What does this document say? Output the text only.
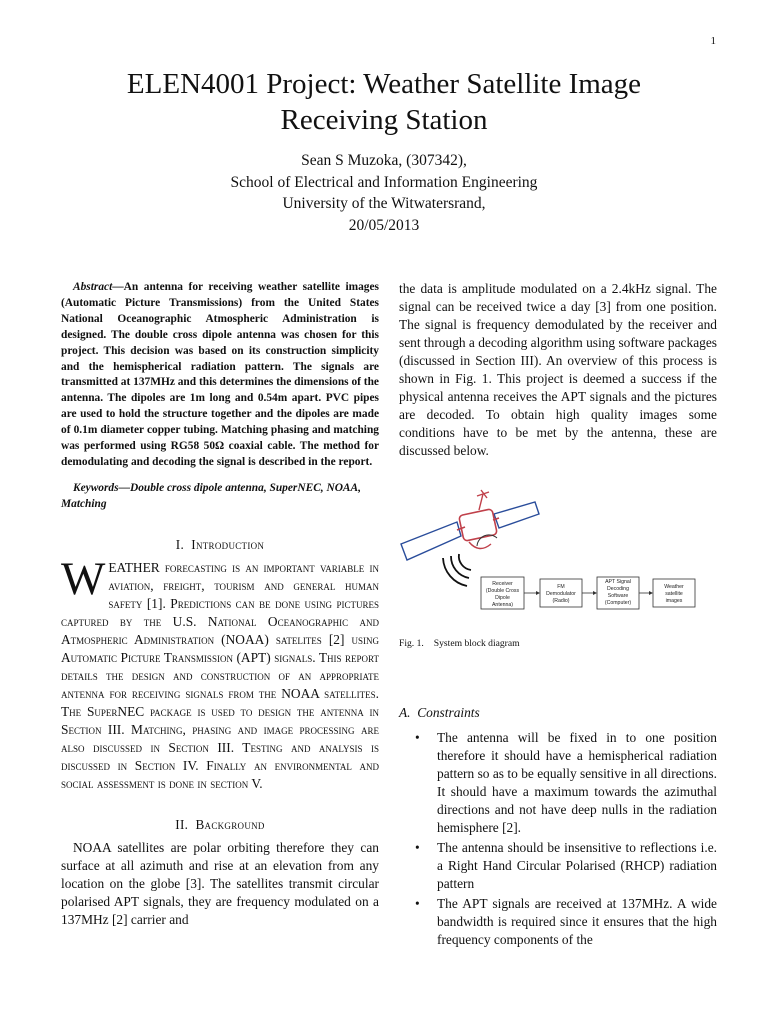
1
ELEN4001 Project: Weather Satellite Image
Receiving Station
Sean S Muzoka, (307342),
School of Electrical and Information Engineering
University of the Witwatersrand,
20/05/2013

Abstract—An antenna for receiving weather satellite images (Automatic Picture Transmissions) from the United States National Oceanographic Atmospheric Administration is designed. The double cross dipole antenna was chosen for this project. This decision was based on its construction simplicity and the hemispherical radiation pattern. The signals are transmitted at 137MHz and this determines the dimensions of the antenna. The dipoles are 1m long and 0.54m apart. PVC pipes are used to hold the structure together and the dipoles are made of 0.1m diameter copper tubing. Matching phasing and matching was performed using RG58 50Ω coaxial cable. The method for demodulating and decoding the signal is described in the report.

Keywords—Double cross dipole antenna, SuperNEC, NOAA, Matching

I. Introduction

WEATHER forecasting is an important variable in aviation, freight, tourism and general human safety [1]. Predictions can be done using pictures captured by the U.S. National Oceanographic and Atmospheric Administration (NOAA) satelites [2] using Automatic Picture Transmission (APT) signals. This report details the design and construction of an appropriate antenna for receiving signals from the NOAA satellites. The SuperNEC package is used to design the antenna in Section III. Matching, phasing and image processing are also discussed in Section III. Testing and analysis is discussed in Section IV. Finally an environmental and social assessment is done in section V.

II. Background

NOAA satellites are polar orbiting therefore they can surface at all azimuth and rise at an elevation from any location on the globe [3]. The satellites transmit circular polarised APT signals, they are frequency modulated on a 137MHz [2] carrier and

the data is amplitude modulated on a 2.4kHz signal. The signal can be received twice a day [3] from one position. The signal is frequency demodulated by the receiver and sent through a decoding algorithm using software packages (discussed in Section III). An overview of this process is shown in Fig. 1. This project is deemed a success if the physical antenna receives the APT signals and the pictures are decoded. To obtain high quality images some conditions have to be met by the antenna, these are discussed below.

Receiver
(Double Cross
Dipole
Antenna)
FM
Demodulator
(Radio)
APT Signal
Decoding
Software
(Computer)
Weather
satellite
images
Fig. 1. System block diagram
A. Constraints
• The antenna will be fixed in to one position therefore it should have a hemispherical radiation pattern so as to be equally sensitive in all directions. It should have a maximum towards the azimuthal directions and not have deep nulls in the radiation hemisphere [2].
• The antenna should be insensitive to reflections i.e. a Right Hand Circular Polarised (RHCP) radiation pattern
• The APT signals are received at 137MHz. A wide bandwidth is required since it ensures that the high frequency components of the
